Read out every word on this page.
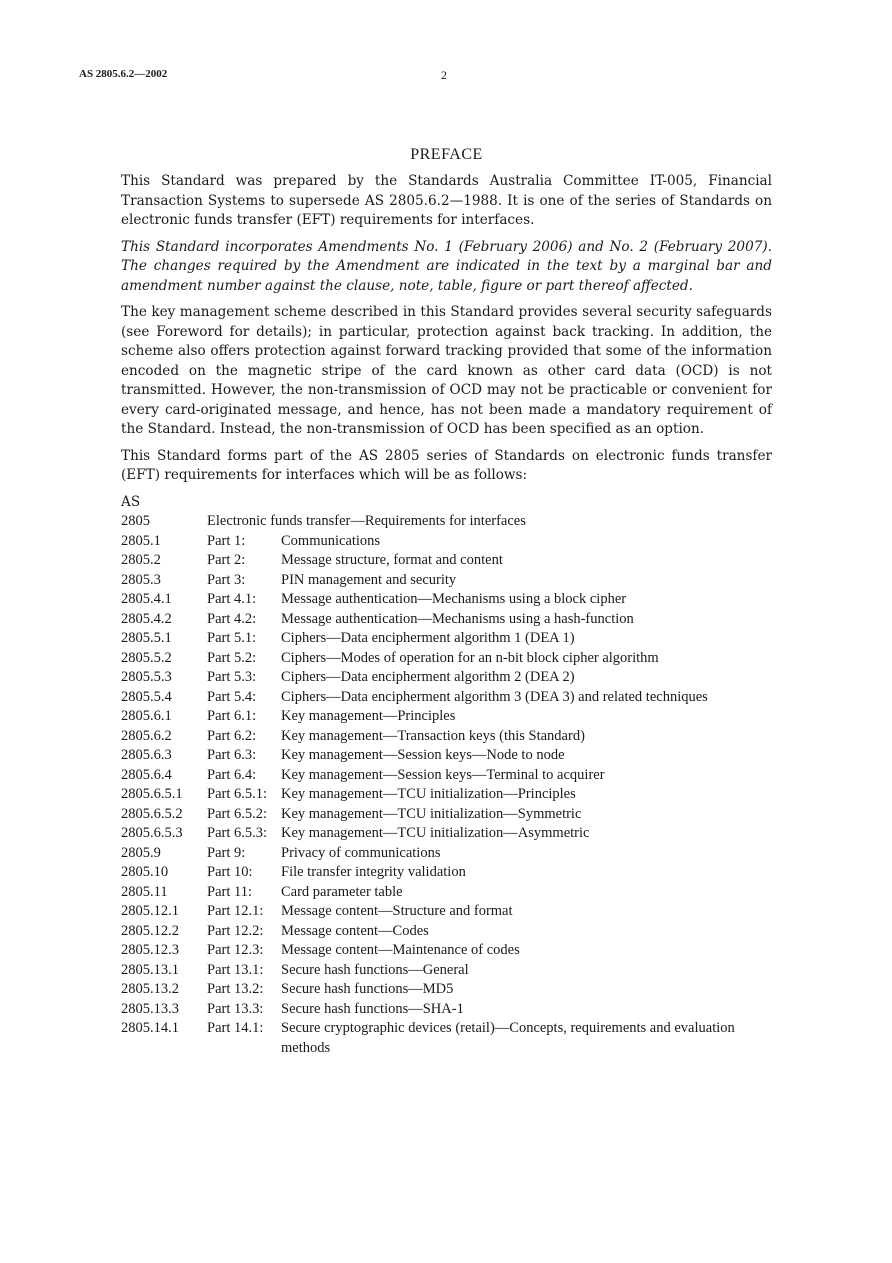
AS 2805.6.2—2002	2
PREFACE

This Standard was prepared by the Standards Australia Committee IT-005, Financial Transaction Systems to supersede AS 2805.6.2—1988. It is one of the series of Standards on electronic funds transfer (EFT) requirements for interfaces.

This Standard incorporates Amendments No. 1 (February 2006) and No. 2 (February 2007). The changes required by the Amendment are indicated in the text by a marginal bar and amendment number against the clause, note, table, figure or part thereof affected.

The key management scheme described in this Standard provides several security safeguards (see Foreword for details); in particular, protection against back tracking. In addition, the scheme also offers protection against forward tracking provided that some of the information encoded on the magnetic stripe of the card known as other card data (OCD) is not transmitted. However, the non-transmission of OCD may not be practicable or convenient for every card-originated message, and hence, has not been made a mandatory requirement of the Standard. Instead, the non-transmission of OCD has been specified as an option.

This Standard forms part of the AS 2805 series of Standards on electronic funds transfer (EFT) requirements for interfaces which will be as follows:

AS
2805	Electronic funds transfer—Requirements for interfaces
2805.1	Part 1:	Communications
2805.2	Part 2:	Message structure, format and content
2805.3	Part 3:	PIN management and security
2805.4.1	Part 4.1:	Message authentication—Mechanisms using a block cipher
2805.4.2	Part 4.2:	Message authentication—Mechanisms using a hash-function
2805.5.1	Part 5.1:	Ciphers—Data encipherment algorithm 1 (DEA 1)
2805.5.2	Part 5.2:	Ciphers—Modes of operation for an n-bit block cipher algorithm
2805.5.3	Part 5.3:	Ciphers—Data encipherment algorithm 2 (DEA 2)
2805.5.4	Part 5.4:	Ciphers—Data encipherment algorithm 3 (DEA 3) and related techniques
2805.6.1	Part 6.1:	Key management—Principles
2805.6.2	Part 6.2:	Key management—Transaction keys (this Standard)
2805.6.3	Part 6.3:	Key management—Session keys—Node to node
2805.6.4	Part 6.4:	Key management—Session keys—Terminal to acquirer
2805.6.5.1	Part 6.5.1: Key management—TCU initialization—Principles
2805.6.5.2	Part 6.5.2: Key management—TCU initialization—Symmetric
2805.6.5.3	Part 6.5.3: Key management—TCU initialization—Asymmetric
2805.9	Part 9:	Privacy of communications
2805.10	Part 10:	File transfer integrity validation
2805.11	Part 11:	Card parameter table
2805.12.1	Part 12.1:	Message content—Structure and format
2805.12.2	Part 12.2:	Message content—Codes
2805.12.3	Part 12.3:	Message content—Maintenance of codes
2805.13.1	Part 13.1:	Secure hash functions—General
2805.13.2	Part 13.2:	Secure hash functions—MD5
2805.13.3	Part 13.3:	Secure hash functions—SHA-1
2805.14.1	Part 14.1:	Secure cryptographic devices (retail)—Concepts, requirements and evaluation methods
